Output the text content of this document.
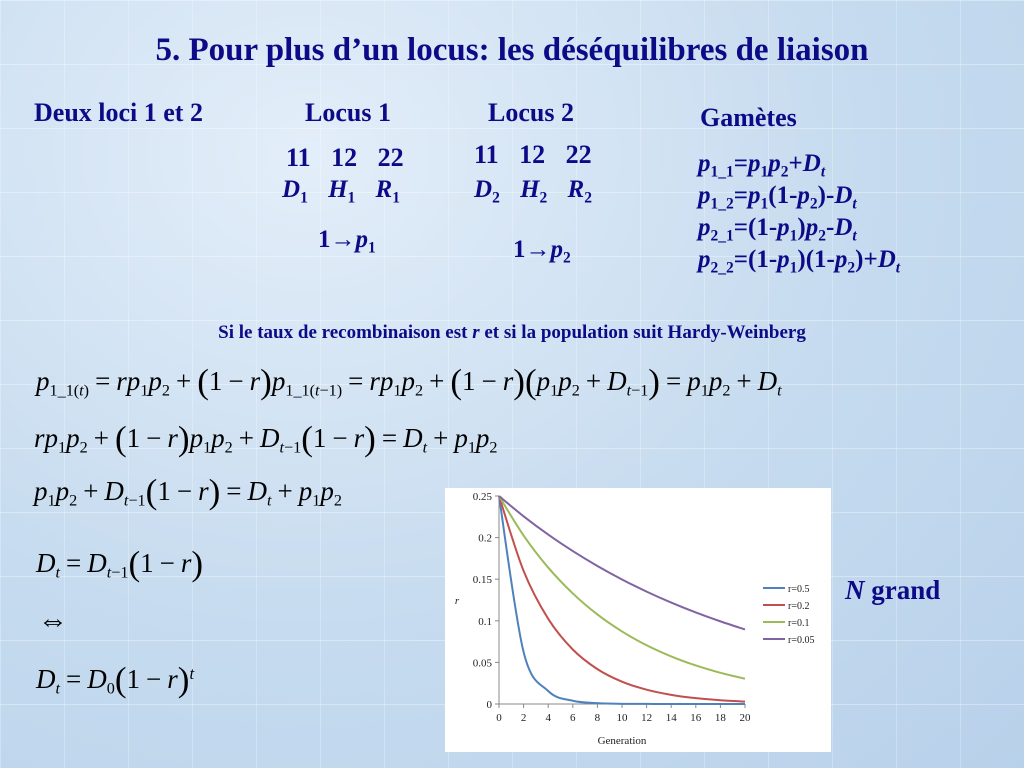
5. Pour plus d’un locus: les déséquilibres de liaison
Deux loci 1 et 2	Locus 1	Locus 2	Gamètes
11 12 22
$D_1$ $H_1$ $R_1$
$1\to p_1$
11 12 22
$D_2$ $H_2$ $R_2$
$1\to p_2$
$p_{1\_1}=p_1p_2+D_t$
$p_{1\_2}=p_1(1-p_2)-D_t$
$p_{2\_1}=(1-p_1)p_2-D_t$
$p_{2\_2}=(1-p_1)(1-p_2)+D_t$
Si le taux de recombinaison est r et si la population suit Hardy-Weinberg
$p_{1\_1(t)} = rp_1p_2 + (1 - r)p_{1\_1(t-1)} = rp_1p_2 + (1 - r)(p_1p_2 + D_{t-1}) = p_1p_2 + D_t$
$rp_1p_2 + (1 - r)p_1p_2 + D_{t-1}(1 - r) = D_t + p_1p_2$
$p_1p_2 + D_{t-1}(1 - r) = D_t + p_1p_2$
$D_t = D_{t-1}(1 - r)$
⇔
$D_t = D_0(1 - r)^t$
0
0.05
0.1
0.15
0.2
0.25
0 2 4 6 8 10 12 14 16 18 20
Generation
r
r=0.5
r=0.2
r=0.1
r=0.05
N grand
